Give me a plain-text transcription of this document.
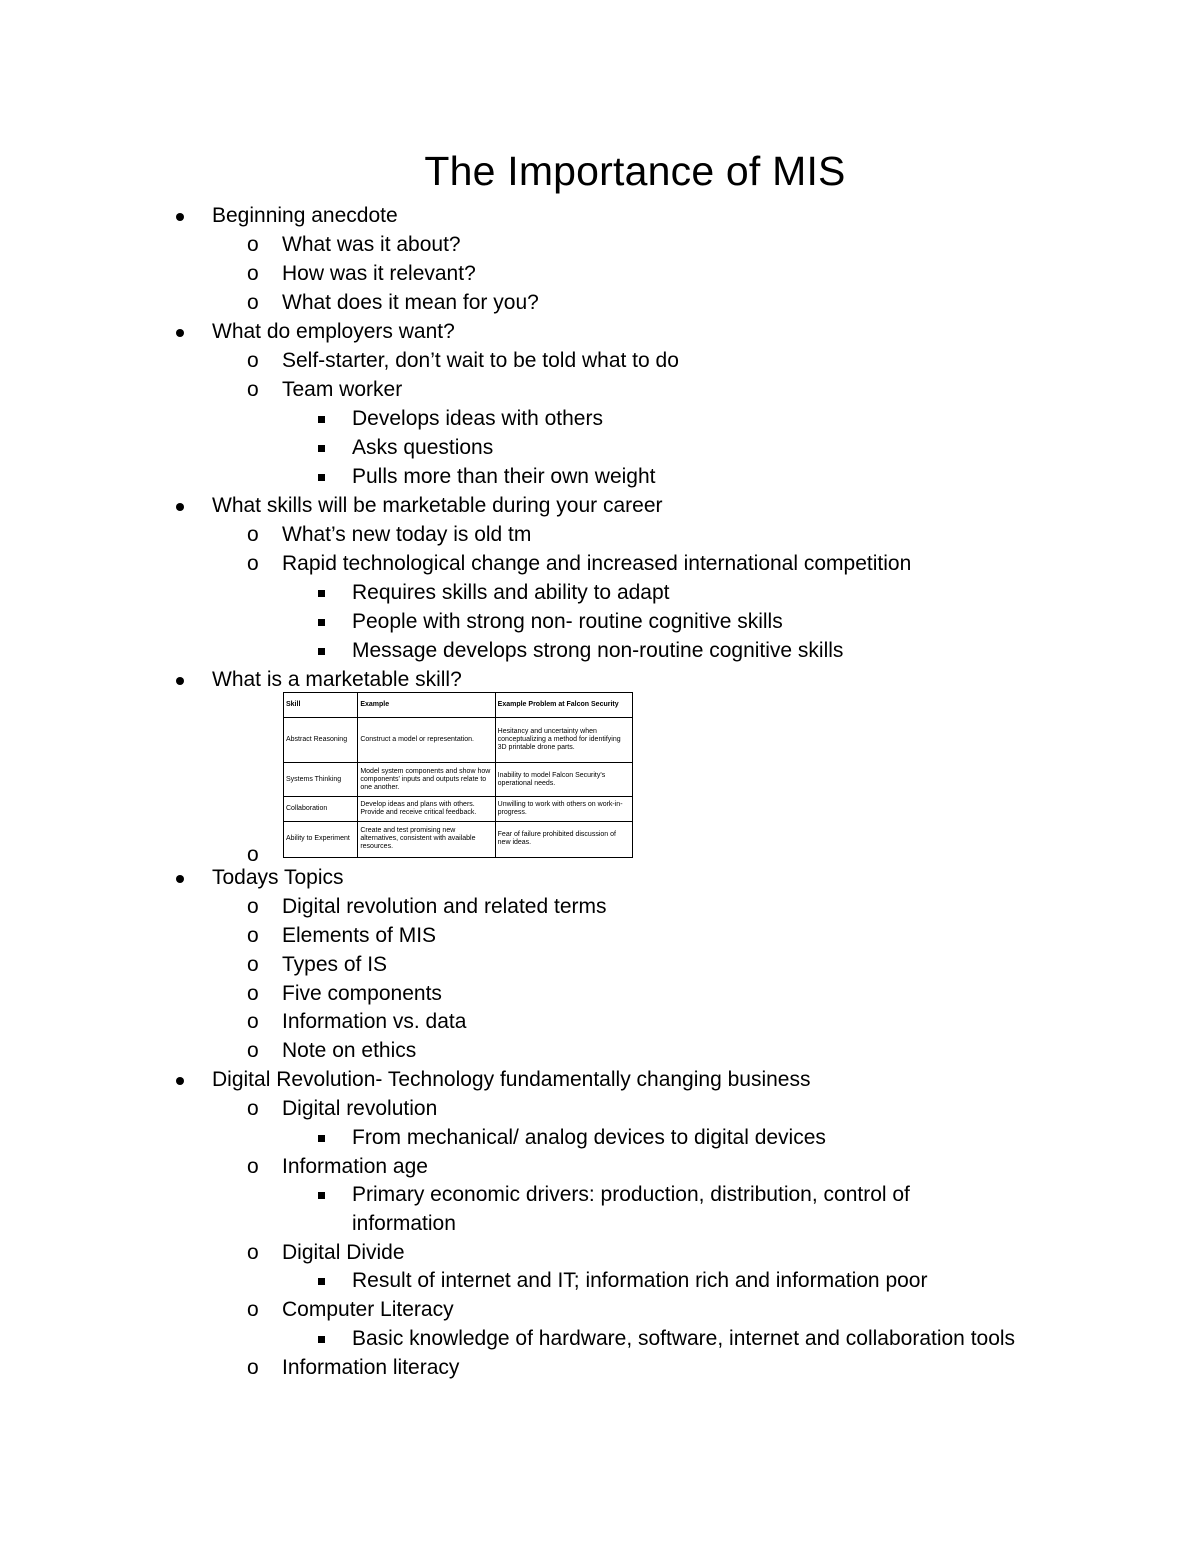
The Importance of MIS
Beginning anecdote
o What was it about?
o How was it relevant?
o What does it mean for you?
What do employers want?
o Self-starter, don’t wait to be told what to do
o Team worker
Develops ideas with others
Asks questions
Pulls more than their own weight
What skills will be marketable during your career
o What’s new today is old tm
o Rapid technological change and increased international competition
Requires skills and ability to adapt
People with strong non- routine cognitive skills
Message develops strong non-routine cognitive skills
What is a marketable skill?
Skill	Example	Example Problem at Falcon Security
Abstract Reasoning	Construct a model or representation.	Hesitancy and uncertainty when conceptualizing a method for identifying 3D printable drone parts.
Systems Thinking	Model system components and show how components' inputs and outputs relate to one another.	Inability to model Falcon Security's operational needs.
Collaboration	Develop ideas and plans with others. Provide and receive critical feedback.	Unwilling to work with others on work-in-progress.
Ability to Experiment	Create and test promising new alternatives, consistent with available resources.	Fear of failure prohibited discussion of new ideas.
o
Todays Topics
o Digital revolution and related terms
o Elements of MIS
o Types of IS
o Five components
o Information vs. data
o Note on ethics
Digital Revolution- Technology fundamentally changing business
o Digital revolution
From mechanical/ analog devices to digital devices
o Information age
Primary economic drivers: production, distribution, control of
information
o Digital Divide
Result of internet and IT; information rich and information poor
o Computer Literacy
Basic knowledge of hardware, software, internet and collaboration tools
o Information literacy
